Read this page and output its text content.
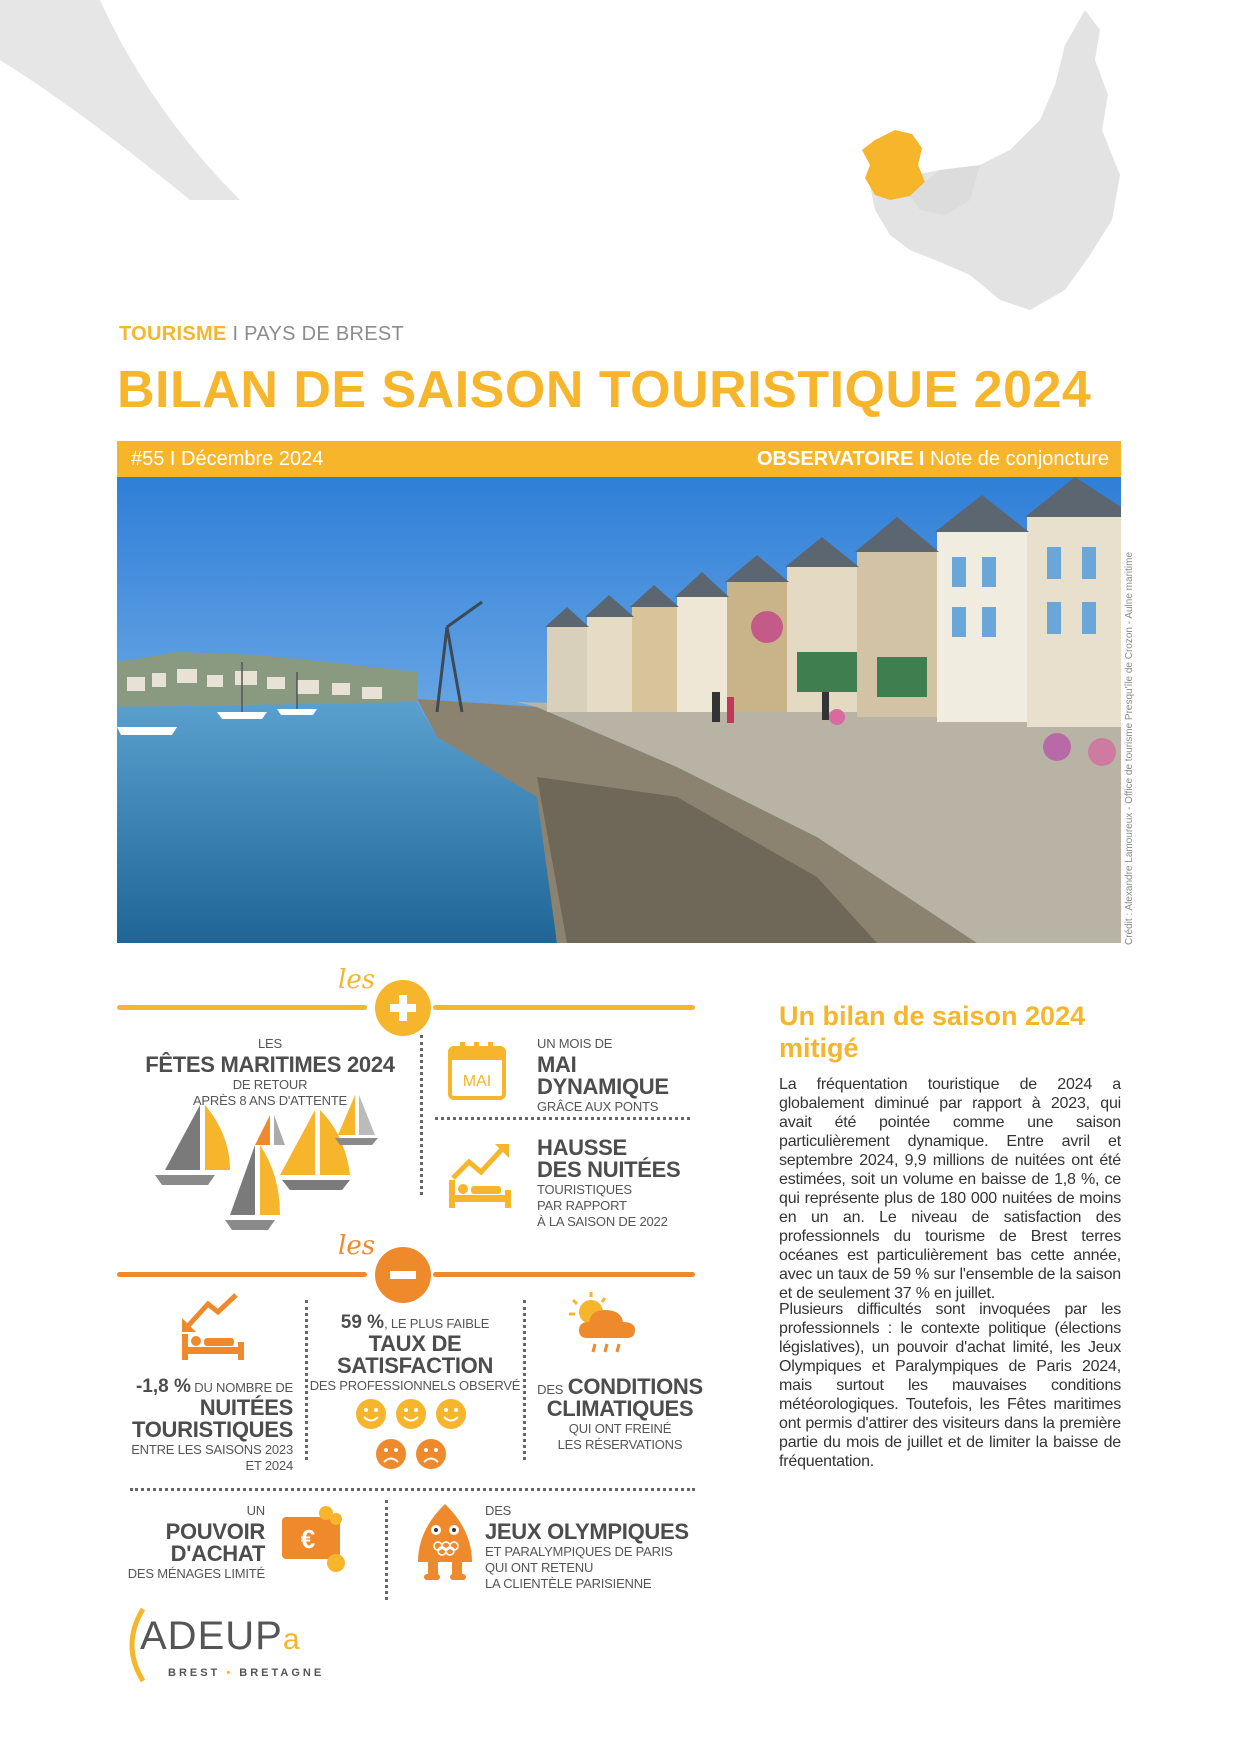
TOURISME I PAYS DE BREST
BILAN DE SAISON TOURISTIQUE 2024
#55 I Décembre 2024	OBSERVATOIRE I Note de conjoncture
Crédit : Alexandre Lamoureux - Office de tourisme Presqu'île de Crozon - Aulne maritime
les
LES
FÊTES MARITIMES 2024
DE RETOUR
APRÈS 8 ANS D'ATTENTE
MAI
UN MOIS DE
MAI
DYNAMIQUE
GRÂCE AUX PONTS
HAUSSE
DES NUITÉES
TOURISTIQUES
PAR RAPPORT
À LA SAISON DE 2022
les
-1,8 % DU NOMBRE DE
NUITÉES
TOURISTIQUES
ENTRE LES SAISONS 2023
ET 2024
59 %, LE PLUS FAIBLE
TAUX DE
SATISFACTION
DES PROFESSIONNELS OBSERVÉ	DES CONDITIONS
CLIMATIQUES
QUI ONT FREINÉ
LES RÉSERVATIONS
UN
POUVOIR
D'ACHAT
DES MÉNAGES LIMITÉ
€
DES
JEUX OLYMPIQUES
ET PARALYMPIQUES DE PARIS
QUI ONT RETENU
LA CLIENTÈLE PARISIENNE
Un bilan de saison 2024 mitigé
La fréquentation touristique de 2024 a globalement diminué par rapport à 2023, qui avait été pointée comme une saison particulièrement dynamique. Entre avril et septembre 2024, 9,9 millions de nuitées ont été estimées, soit un volume en baisse de 1,8 %, ce qui représente plus de 180 000 nuitées de moins en un an. Le niveau de satisfaction des professionnels du tourisme de Brest terres océanes est particulièrement bas cette année, avec un taux de 59 % sur l'ensemble de la saison et de seulement 37 % en juillet.
Plusieurs difficultés sont invoquées par les professionnels : le contexte politique (élections législatives), un pouvoir d'achat limité, les Jeux Olympiques et Paralympiques de Paris 2024, mais surtout les mauvaises conditions météorologiques. Toutefois, les Fêtes maritimes ont permis d'attirer des visiteurs dans la première partie du mois de juillet et de limiter la baisse de fréquentation.
ADEUPa
BREST • BRETAGNE
